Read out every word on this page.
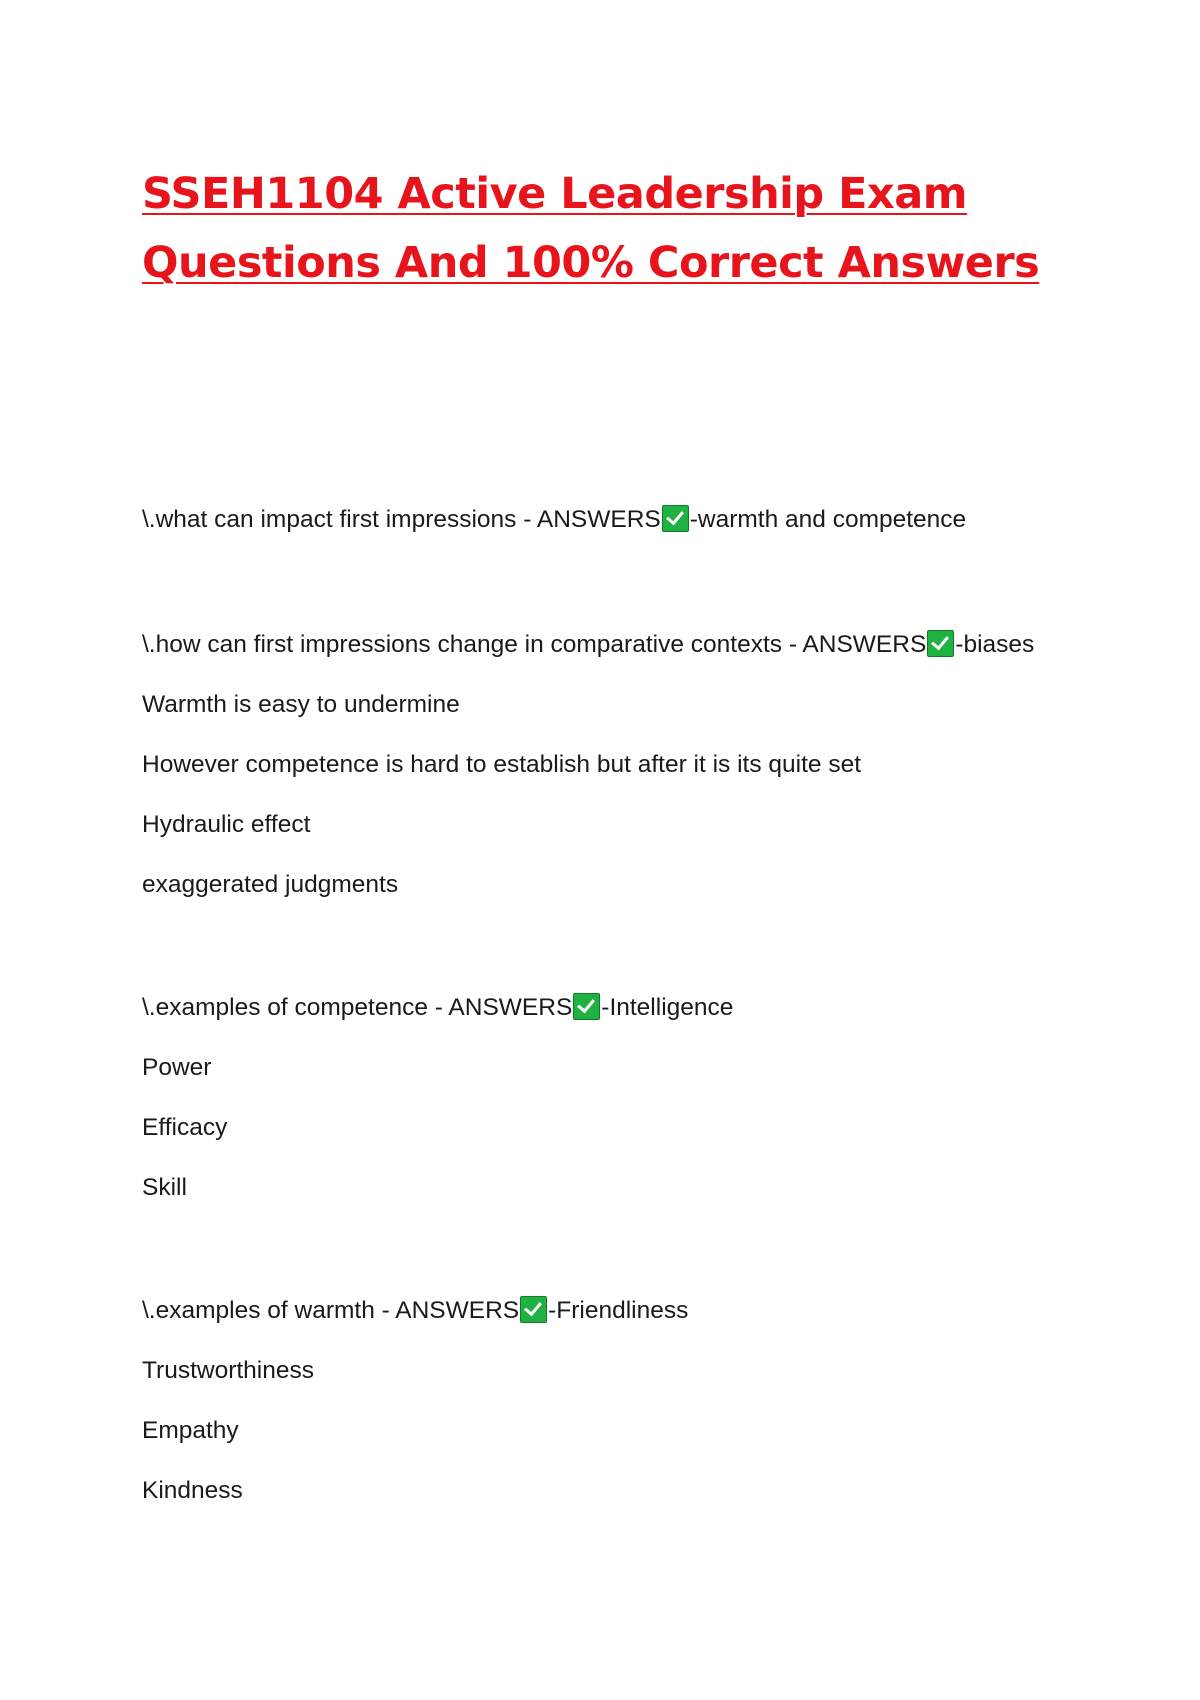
SSEH1104 Active Leadership Exam
Questions And 100% Correct Answers

\.what can impact first impressions - ANSWERS -warmth and competence

\.how can first impressions change in comparative contexts - ANSWERS -biases

Warmth is easy to undermine

However competence is hard to establish but after it is its quite set

Hydraulic effect

exaggerated judgments

\.examples of competence - ANSWERS -Intelligence

Power

Efficacy

Skill

\.examples of warmth - ANSWERS -Friendliness

Trustworthiness

Empathy

Kindness
